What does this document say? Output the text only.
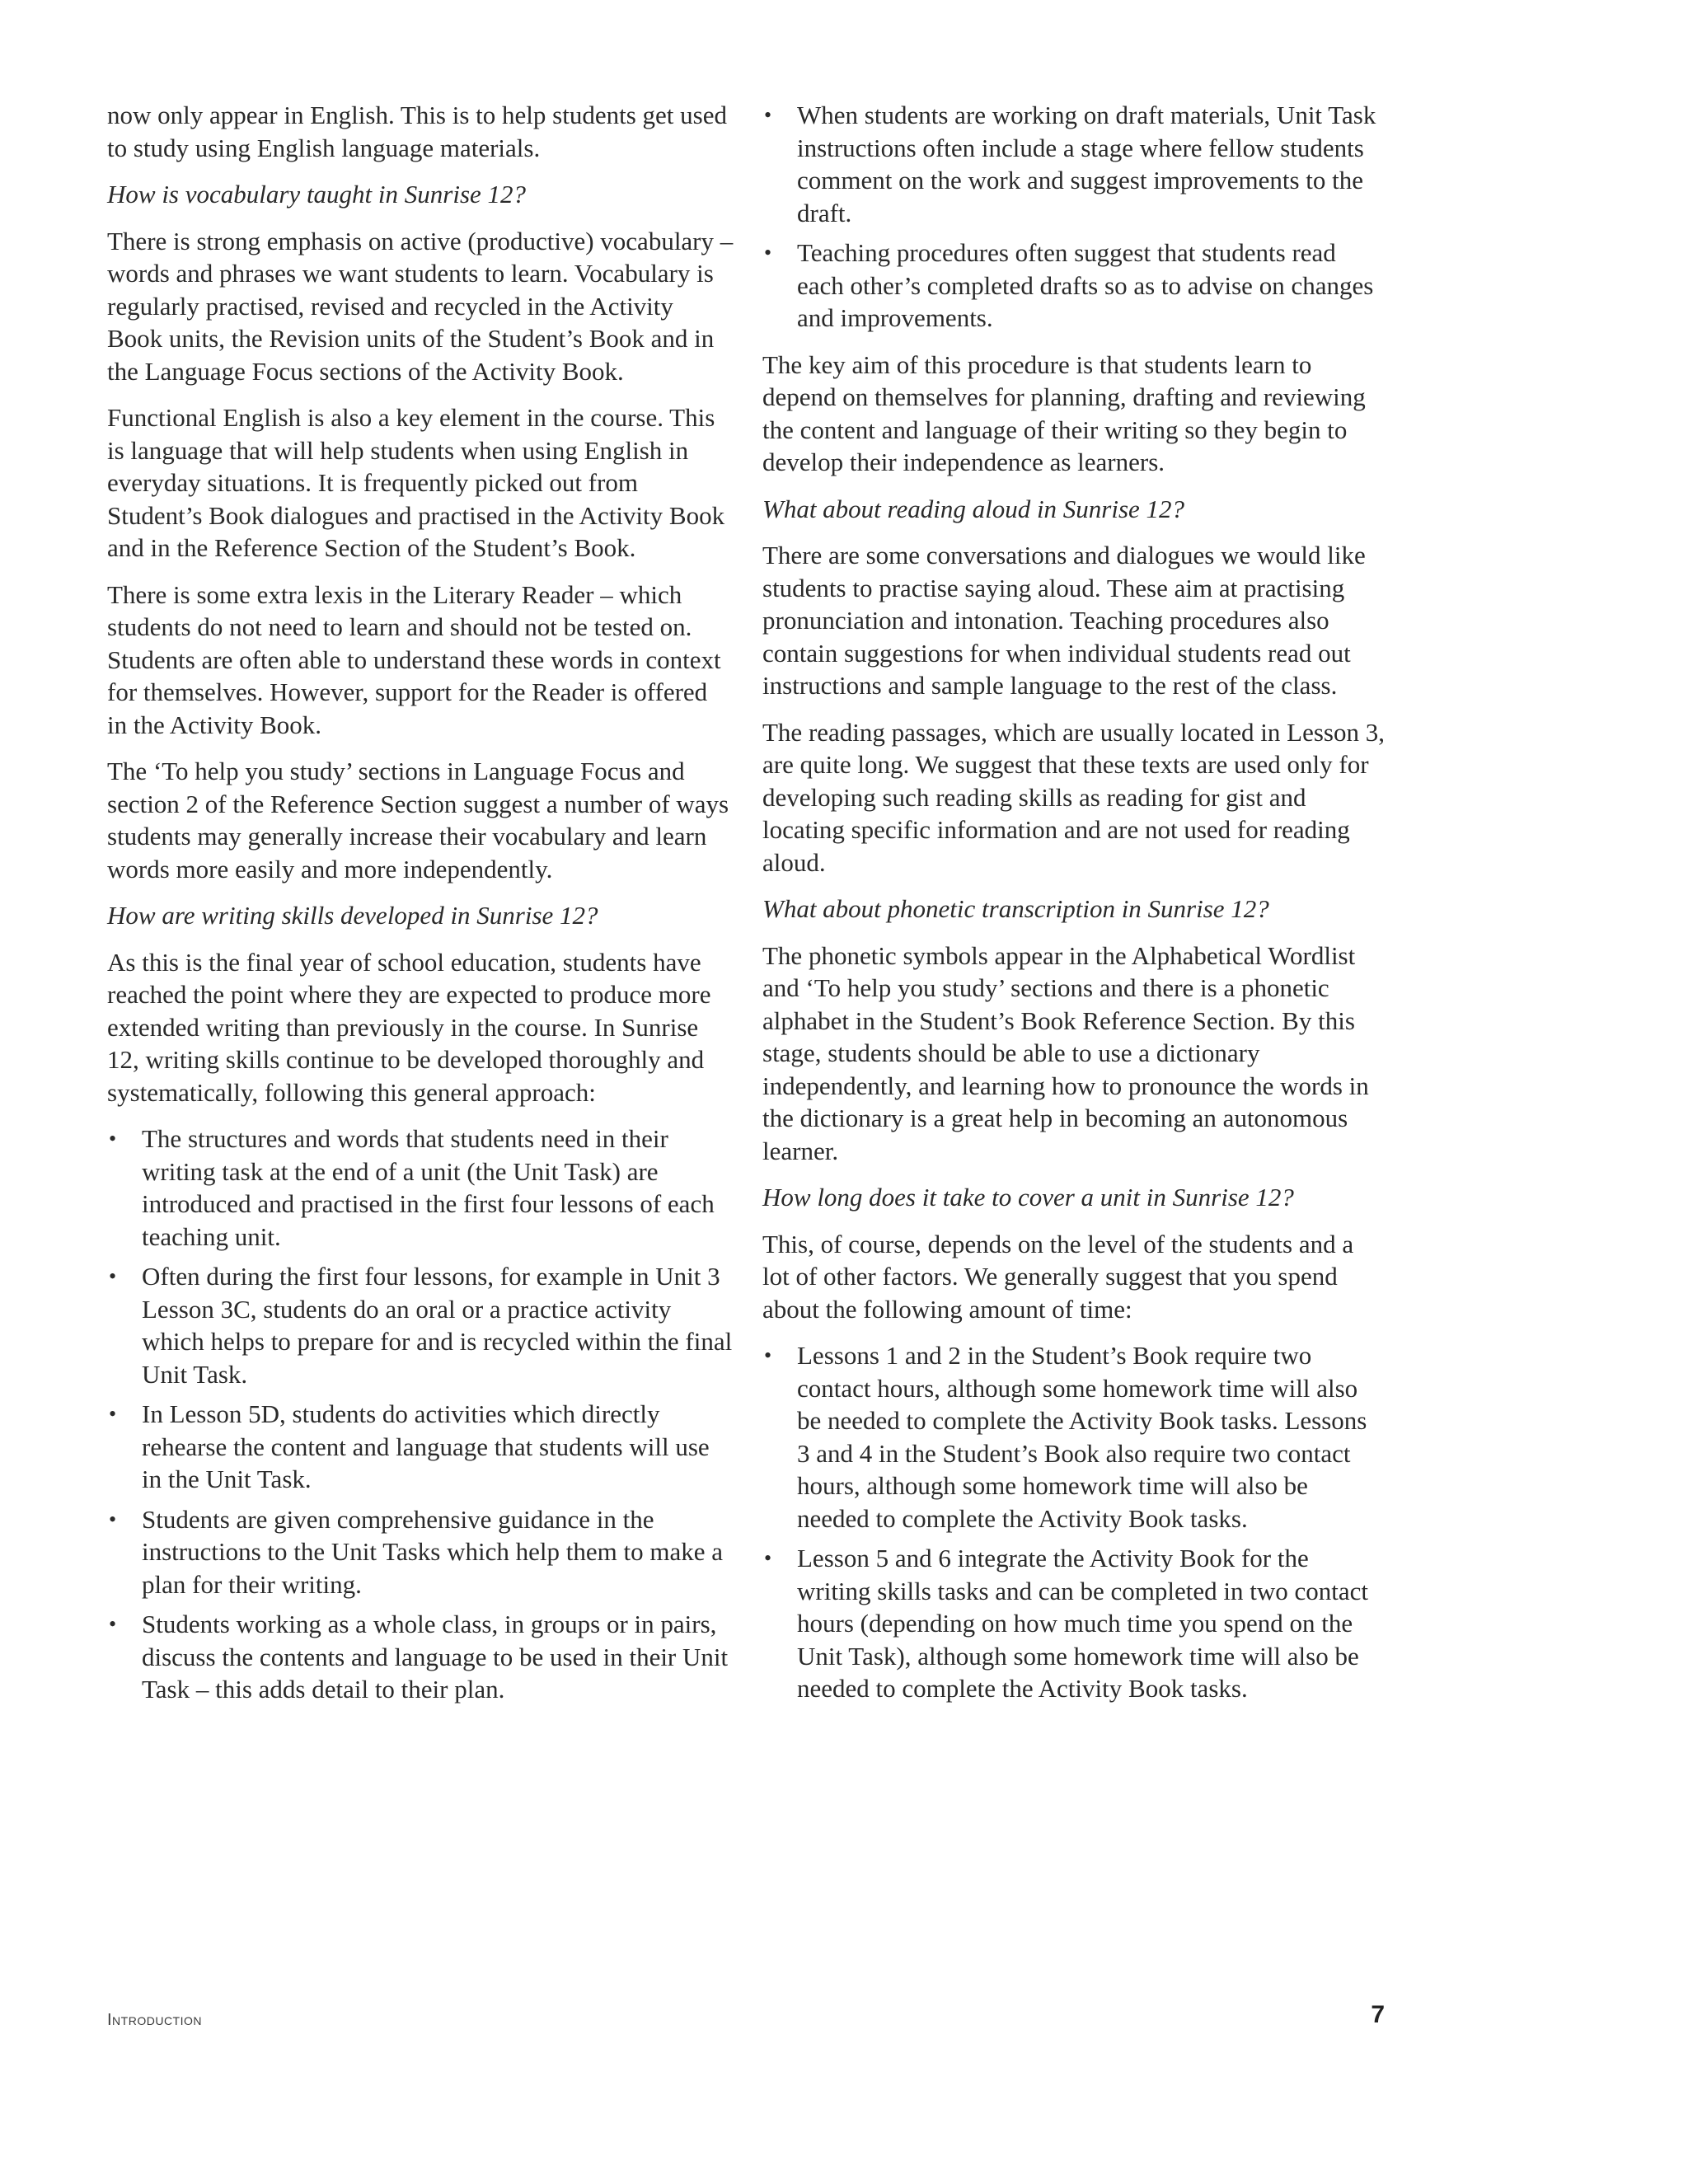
now only appear in English. This is to help students get used to study using English language materials.

How is vocabulary taught in Sunrise 12?

There is strong emphasis on active (productive) vocabulary – words and phrases we want students to learn. Vocabulary is regularly practised, revised and recycled in the Activity Book units, the Revision units of the Student’s Book and in the Language Focus sections of the Activity Book.

Functional English is also a key element in the course. This is language that will help students when using English in everyday situations. It is frequently picked out from Student’s Book dialogues and practised in the Activity Book and in the Reference Section of the Student’s Book.

There is some extra lexis in the Literary Reader – which students do not need to learn and should not be tested on. Students are often able to understand these words in context for themselves. However, support for the Reader is offered in the Activity Book.

The ‘To help you study’ sections in Language Focus and section 2 of the Reference Section suggest a number of ways students may generally increase their vocabulary and learn words more easily and more independently.

How are writing skills developed in Sunrise 12?

As this is the final year of school education, students have reached the point where they are expected to produce more extended writing than previously in the course. In Sunrise 12, writing skills continue to be developed thoroughly and systematically, following this general approach:

• The structures and words that students need in their writing task at the end of a unit (the Unit Task) are introduced and practised in the first four lessons of each teaching unit.
• Often during the first four lessons, for example in Unit 3 Lesson 3C, students do an oral or a practice activity which helps to prepare for and is recycled within the final Unit Task.
• In Lesson 5D, students do activities which directly rehearse the content and language that students will use in the Unit Task.
• Students are given comprehensive guidance in the instructions to the Unit Tasks which help them to make a plan for their writing.
• Students working as a whole class, in groups or in pairs, discuss the contents and language to be used in their Unit Task – this adds detail to their plan.
• When students are working on draft materials, Unit Task instructions often include a stage where fellow students comment on the work and suggest improvements to the draft.
• Teaching procedures often suggest that students read each other’s completed drafts so as to advise on changes and improvements.

The key aim of this procedure is that students learn to depend on themselves for planning, drafting and reviewing the content and language of their writing so they begin to develop their independence as learners.

What about reading aloud in Sunrise 12?

There are some conversations and dialogues we would like students to practise saying aloud. These aim at practising pronunciation and intonation. Teaching procedures also contain suggestions for when individual students read out instructions and sample language to the rest of the class.

The reading passages, which are usually located in Lesson 3, are quite long. We suggest that these texts are used only for developing such reading skills as reading for gist and locating specific information and are not used for reading aloud.

What about phonetic transcription in Sunrise 12?

The phonetic symbols appear in the Alphabetical Wordlist and ‘To help you study’ sections and there is a phonetic alphabet in the Student’s Book Reference Section. By this stage, students should be able to use a dictionary independently, and learning how to pronounce the words in the dictionary is a great help in becoming an autonomous learner.

How long does it take to cover a unit in Sunrise 12?

This, of course, depends on the level of the students and a lot of other factors. We generally suggest that you spend about the following amount of time:

• Lessons 1 and 2 in the Student’s Book require two contact hours, although some homework time will also be needed to complete the Activity Book tasks. Lessons 3 and 4 in the Student’s Book also require two contact hours, although some homework time will also be needed to complete the Activity Book tasks.
• Lesson 5 and 6 integrate the Activity Book for the writing skills tasks and can be completed in two contact hours (depending on how much time you spend on the Unit Task), although some homework time will also be needed to complete the Activity Book tasks.
Introduction	7
